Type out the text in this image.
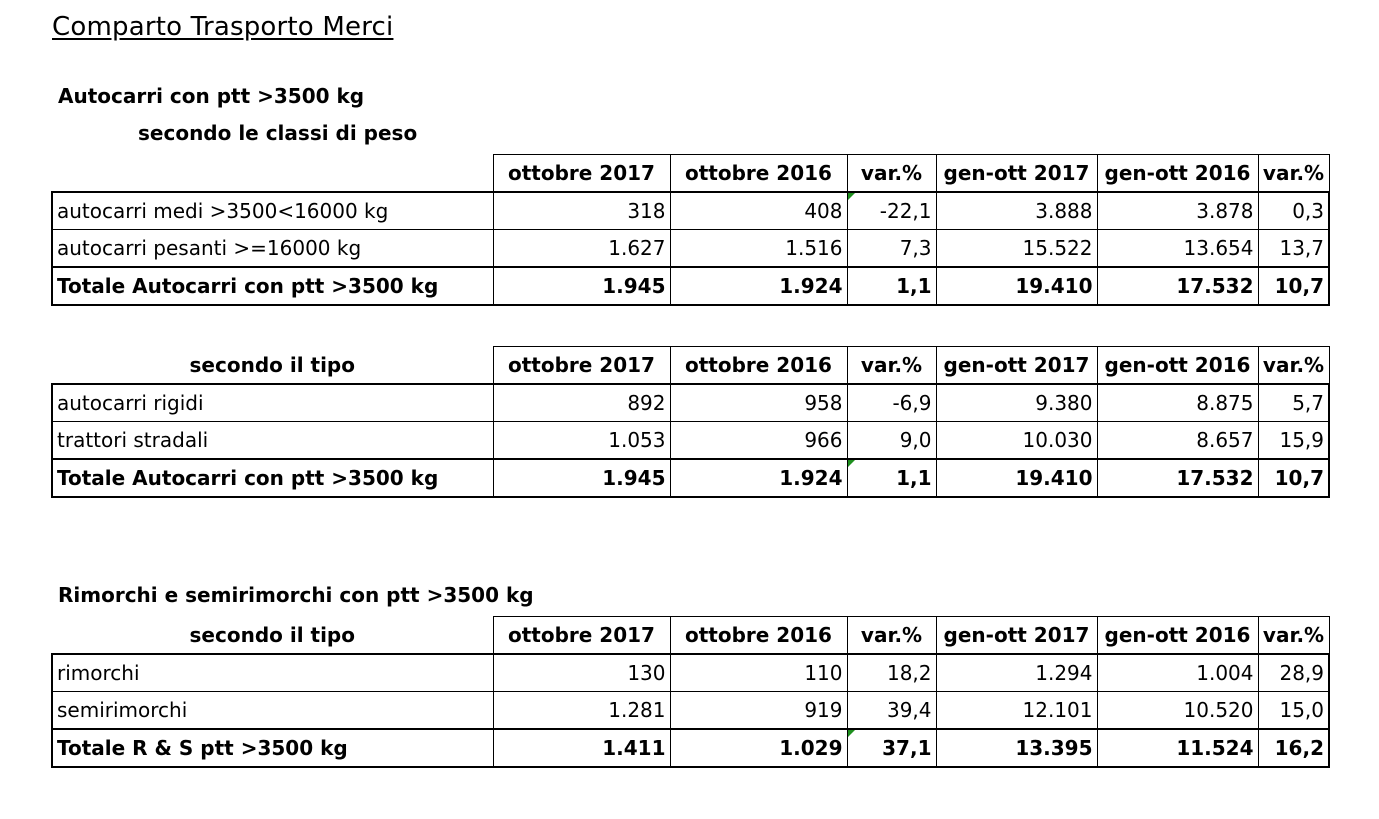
Comparto Trasporto Merci
Autocarri con ptt >3500 kg
secondo le classi di peso
	ottobre 2017	ottobre 2016	var.%	gen-ott 2017	gen-ott 2016	var.%
autocarri medi >3500<16000 kg	318	408	-22,1	3.888	3.878	0,3
autocarri pesanti >=16000 kg	1.627	1.516	7,3	15.522	13.654	13,7
Totale Autocarri con ptt >3500 kg	1.945	1.924	1,1	19.410	17.532	10,7
secondo il tipo	ottobre 2017	ottobre 2016	var.%	gen-ott 2017	gen-ott 2016	var.%
autocarri rigidi	892	958	-6,9	9.380	8.875	5,7
trattori stradali	1.053	966	9,0	10.030	8.657	15,9
Totale Autocarri con ptt >3500 kg	1.945	1.924	1,1	19.410	17.532	10,7
Rimorchi e semirimorchi con ptt >3500 kg
secondo il tipo	ottobre 2017	ottobre 2016	var.%	gen-ott 2017	gen-ott 2016	var.%
rimorchi	130	110	18,2	1.294	1.004	28,9
semirimorchi	1.281	919	39,4	12.101	10.520	15,0
Totale R & S ptt >3500 kg	1.411	1.029	37,1	13.395	11.524	16,2
